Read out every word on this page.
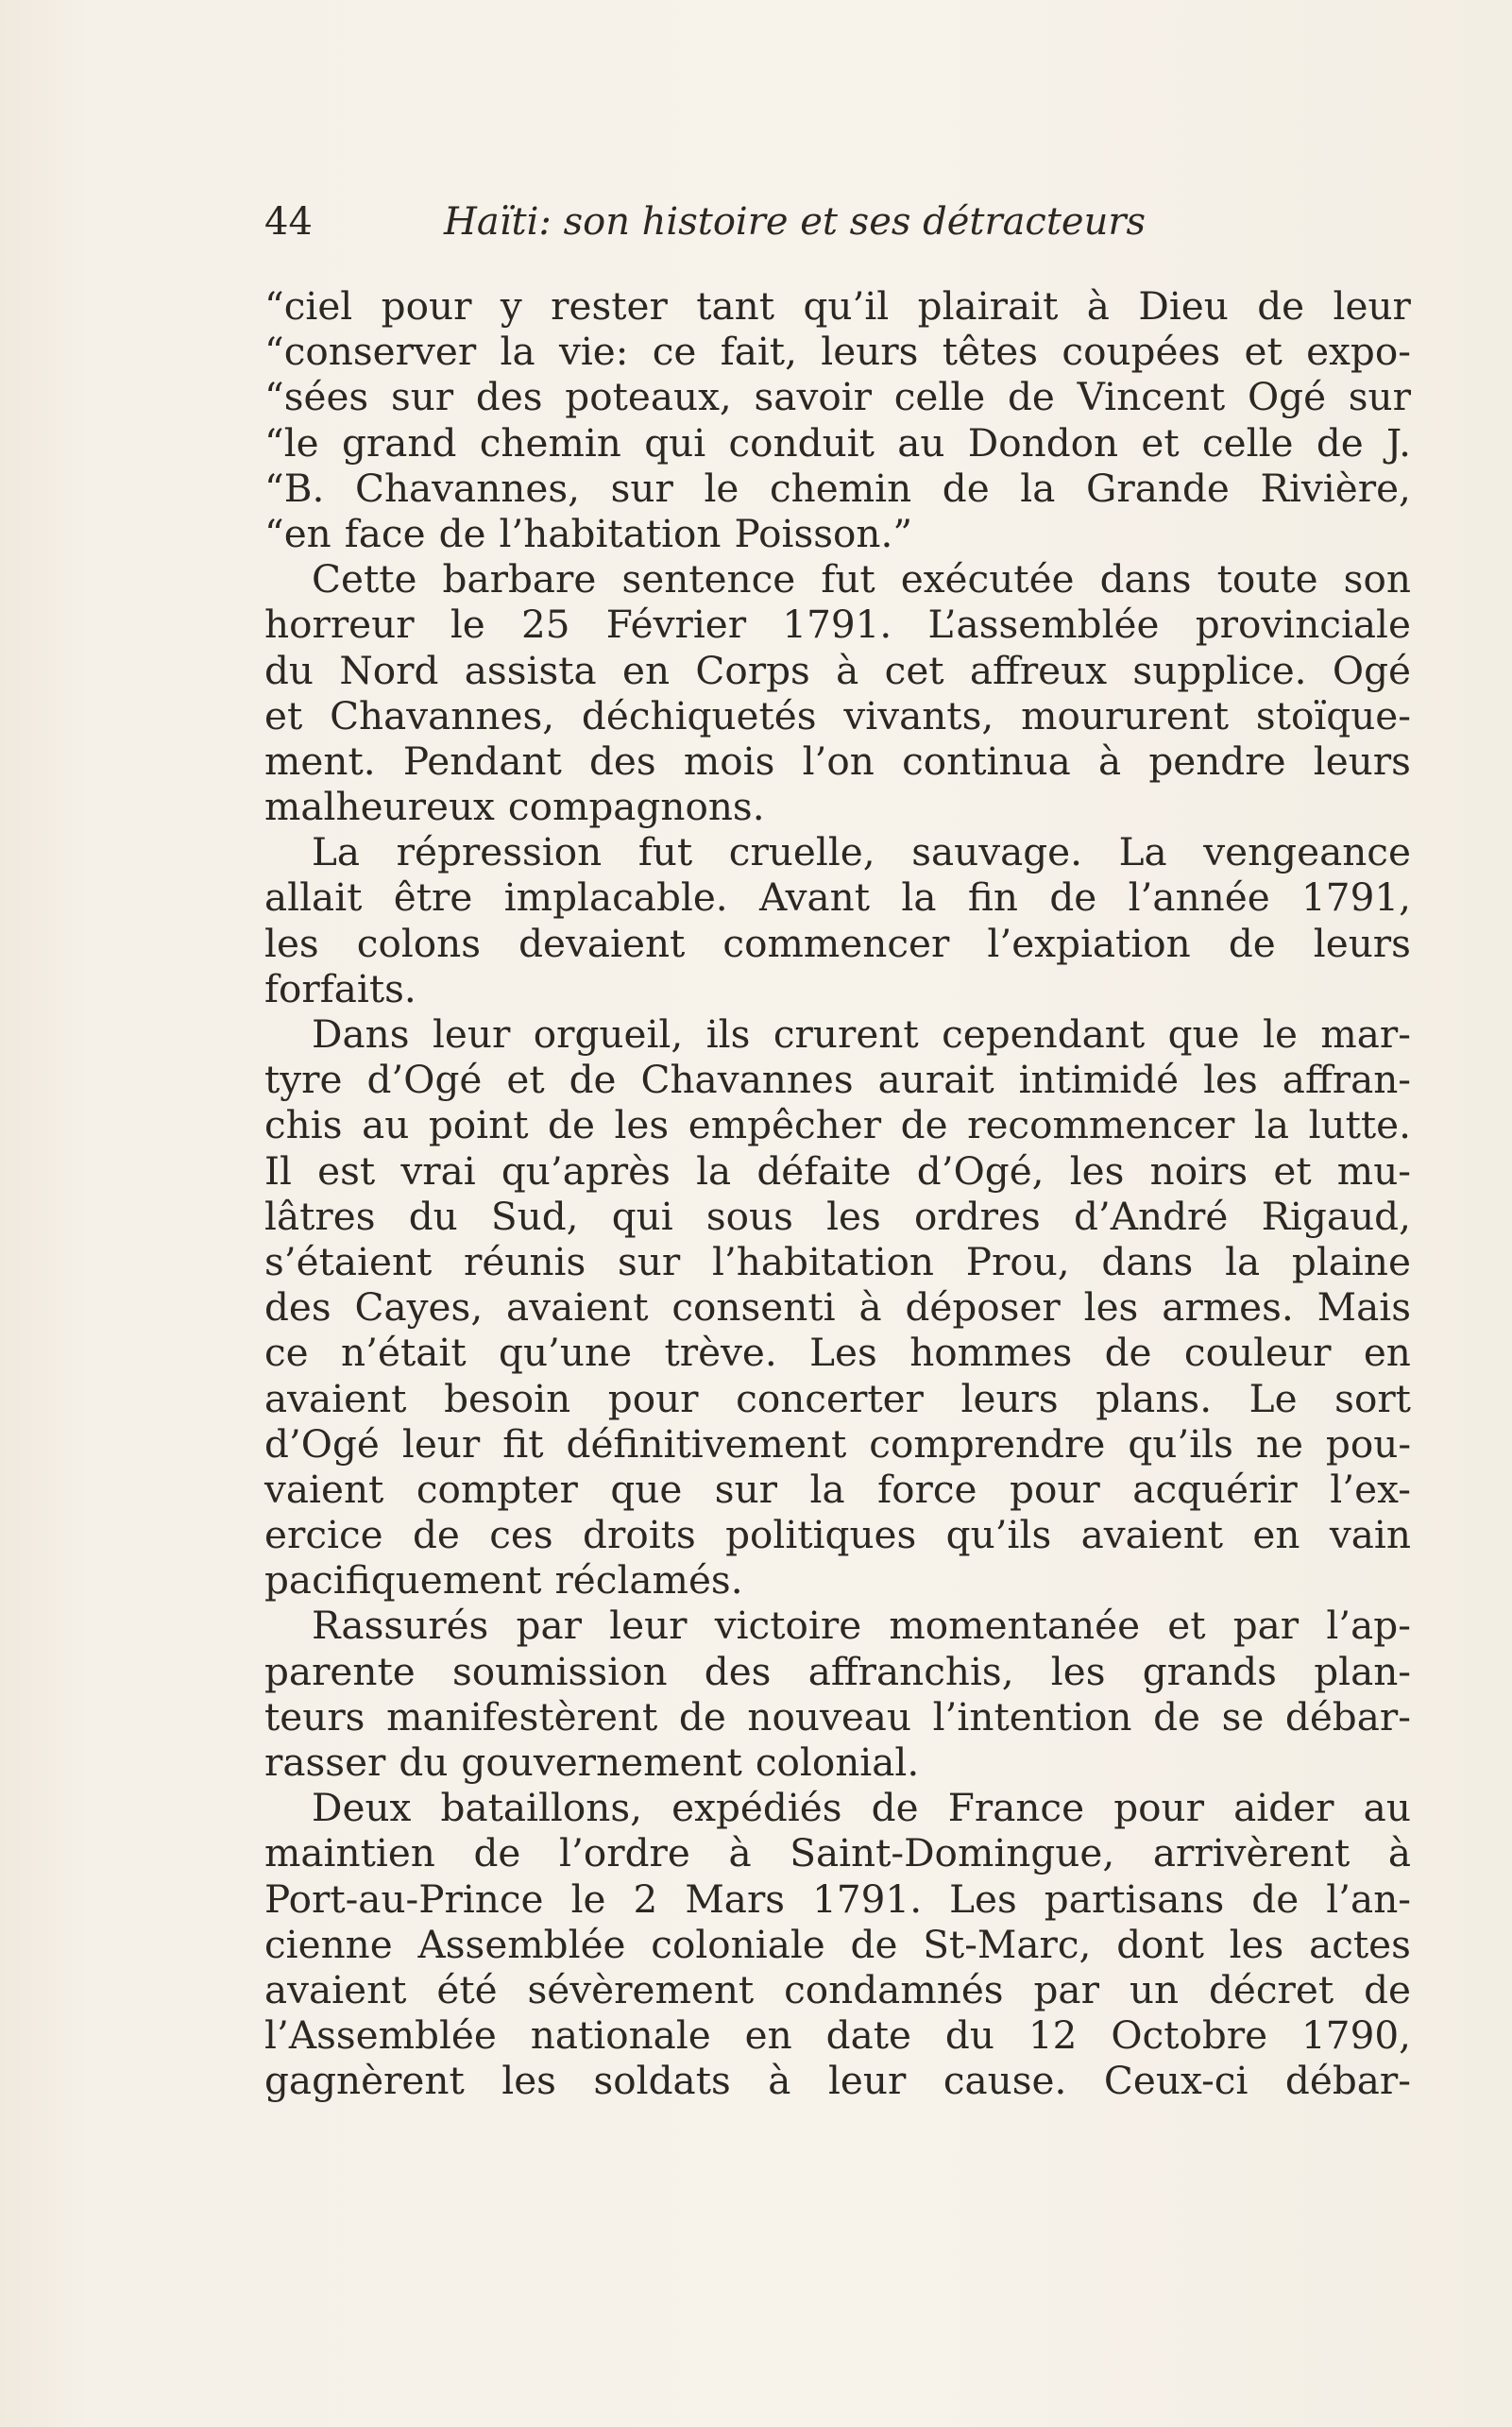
44	Haïti: son histoire et ses détracteurs
“ciel pour y rester tant qu’il plairait à Dieu de leur
“conserver la vie: ce fait, leurs têtes coupées et expo-
“sées sur des poteaux, savoir celle de Vincent Ogé sur
“le grand chemin qui conduit au Dondon et celle de J.
“B. Chavannes, sur le chemin de la Grande Rivière,
“en face de l’habitation Poisson.”
Cette barbare sentence fut exécutée dans toute son
horreur le 25 Février 1791. L’assemblée provinciale
du Nord assista en Corps à cet affreux supplice. Ogé
et Chavannes, déchiquetés vivants, moururent stoïque-
ment. Pendant des mois l’on continua à pendre leurs
malheureux compagnons.
La répression fut cruelle, sauvage. La vengeance
allait être implacable. Avant la fin de l’année 1791,
les colons devaient commencer l’expiation de leurs
forfaits.
Dans leur orgueil, ils crurent cependant que le mar-
tyre d’Ogé et de Chavannes aurait intimidé les affran-
chis au point de les empêcher de recommencer la lutte.
Il est vrai qu’après la défaite d’Ogé, les noirs et mu-
lâtres du Sud, qui sous les ordres d’André Rigaud,
s’étaient réunis sur l’habitation Prou, dans la plaine
des Cayes, avaient consenti à déposer les armes. Mais
ce n’était qu’une trève. Les hommes de couleur en
avaient besoin pour concerter leurs plans. Le sort
d’Ogé leur fit définitivement comprendre qu’ils ne pou-
vaient compter que sur la force pour acquérir l’ex-
ercice de ces droits politiques qu’ils avaient en vain
pacifiquement réclamés.
Rassurés par leur victoire momentanée et par l’ap-
parente soumission des affranchis, les grands plan-
teurs manifestèrent de nouveau l’intention de se débar-
rasser du gouvernement colonial.
Deux bataillons, expédiés de France pour aider au
maintien de l’ordre à Saint-Domingue, arrivèrent à
Port-au-Prince le 2 Mars 1791. Les partisans de l’an-
cienne Assemblée coloniale de St-Marc, dont les actes
avaient été sévèrement condamnés par un décret de
l’Assemblée nationale en date du 12 Octobre 1790,
gagnèrent les soldats à leur cause. Ceux-ci débar-
